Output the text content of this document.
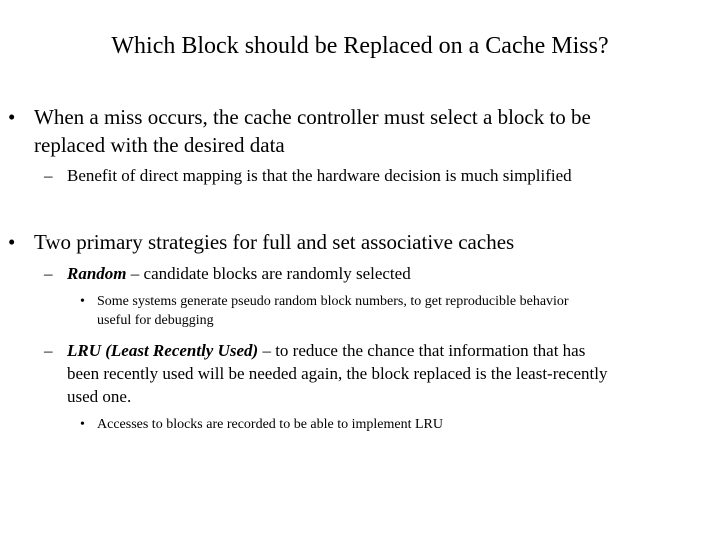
Which Block should be Replaced on a Cache Miss?
• When a miss occurs, the cache controller must select a block to be
replaced with the desired data
– Benefit of direct mapping is that the hardware decision is much simplified
• Two primary strategies for full and set associative caches
– Random – candidate blocks are randomly selected
• Some systems generate pseudo random block numbers, to get reproducible behavior
useful for debugging
– LRU (Least Recently Used) – to reduce the chance that information that has
been recently used will be needed again, the block replaced is the least-recently
used one.
• Accesses to blocks are recorded to be able to implement LRU
